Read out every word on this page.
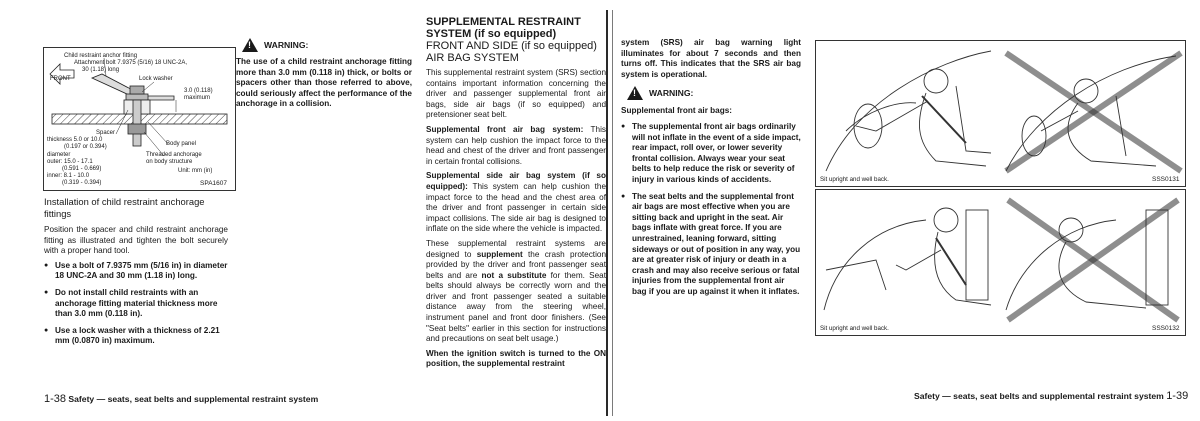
Child restraint anchor fitting
Attachment bolt 7.9375 (5/16) 18 UNC-2A,
30 (1.18) long
FRONT	Lock washer
3.0 (0.118)
maximum
Spacer
thickness 5.0 or 10.0
(0.197 or 0.394)	Body panel
diameter
outer: 15.0 - 17.1
(0.591 - 0.669)
inner: 8.1 - 10.0
(0.319 - 0.394)
Threaded anchorage
on body structure
Unit: mm (in)
SPA1607
Installation of child restraint anchorage fittings

Position the spacer and child restraint anchorage fitting as illustrated and tighten the bolt securely with a proper hand tool.

● Use a bolt of 7.9375 mm (5/16 in) in diameter 18 UNC-2A and 30 mm (1.18 in) long.
● Do not install child restraints with an anchorage fitting material thickness more than 3.0 mm (0.118 in).
● Use a lock washer with a thickness of 2.21 mm (0.0870 in) maximum.
!
WARNING:

The use of a child restraint anchorage fitting more than 3.0 mm (0.118 in) thick, or bolts or spacers other than those referred to above, could seriously affect the performance of the anchorage in a collision.

1-38 Safety — seats, seat belts and supplemental restraint system
SUPPLEMENTAL RESTRAINT
SYSTEM (if so equipped)
FRONT AND SIDE (if so equipped)
AIR BAG SYSTEM

This supplemental restraint system (SRS) section contains important information concerning the driver and passenger supplemental front air bags, side air bags (if so equipped) and pretensioner seat belt.

Supplemental front air bag system: This system can help cushion the impact force to the head and chest of the driver and front passenger in certain frontal collisions.

Supplemental side air bag system (if so equipped): This system can help cushion the impact force to the head and the chest area of the driver and front passenger in certain side impact collisions. The side air bag is designed to inflate on the side where the vehicle is impacted.

These supplemental restraint systems are designed to supplement the crash protection provided by the driver and front passenger seat belts and are not a substitute for them. Seat belts should always be correctly worn and the driver and front passenger seated a suitable distance away from the steering wheel, instrument panel and front door finishers. (See "Seat belts" earlier in this section for instructions and precautions on seat belt usage.)

When the ignition switch is turned to the ON position, the supplemental restraint

system (SRS) air bag warning light illuminates for about 7 seconds and then turns off. This indicates that the SRS air bag system is operational.

!
WARNING:

Supplemental front air bags:

● The supplemental front air bags ordinarily will not inflate in the event of a side impact, rear impact, roll over, or lower severity frontal collision. Always wear your seat belts to help reduce the risk or severity of injury in various kinds of accidents.
● The seat belts and the supplemental front air bags are most effective when you are sitting back and upright in the seat. Air bags inflate with great force. If you are unrestrained, leaning forward, sitting sideways or out of position in any way, you are at greater risk of injury or death in a crash and may also receive serious or fatal injuries from the supplemental front air bag if you are up against it when it inflates.
Sit upright and well back.	SSS0131
Sit upright and well back.	SSS0132
Safety — seats, seat belts and supplemental restraint system 1-39
